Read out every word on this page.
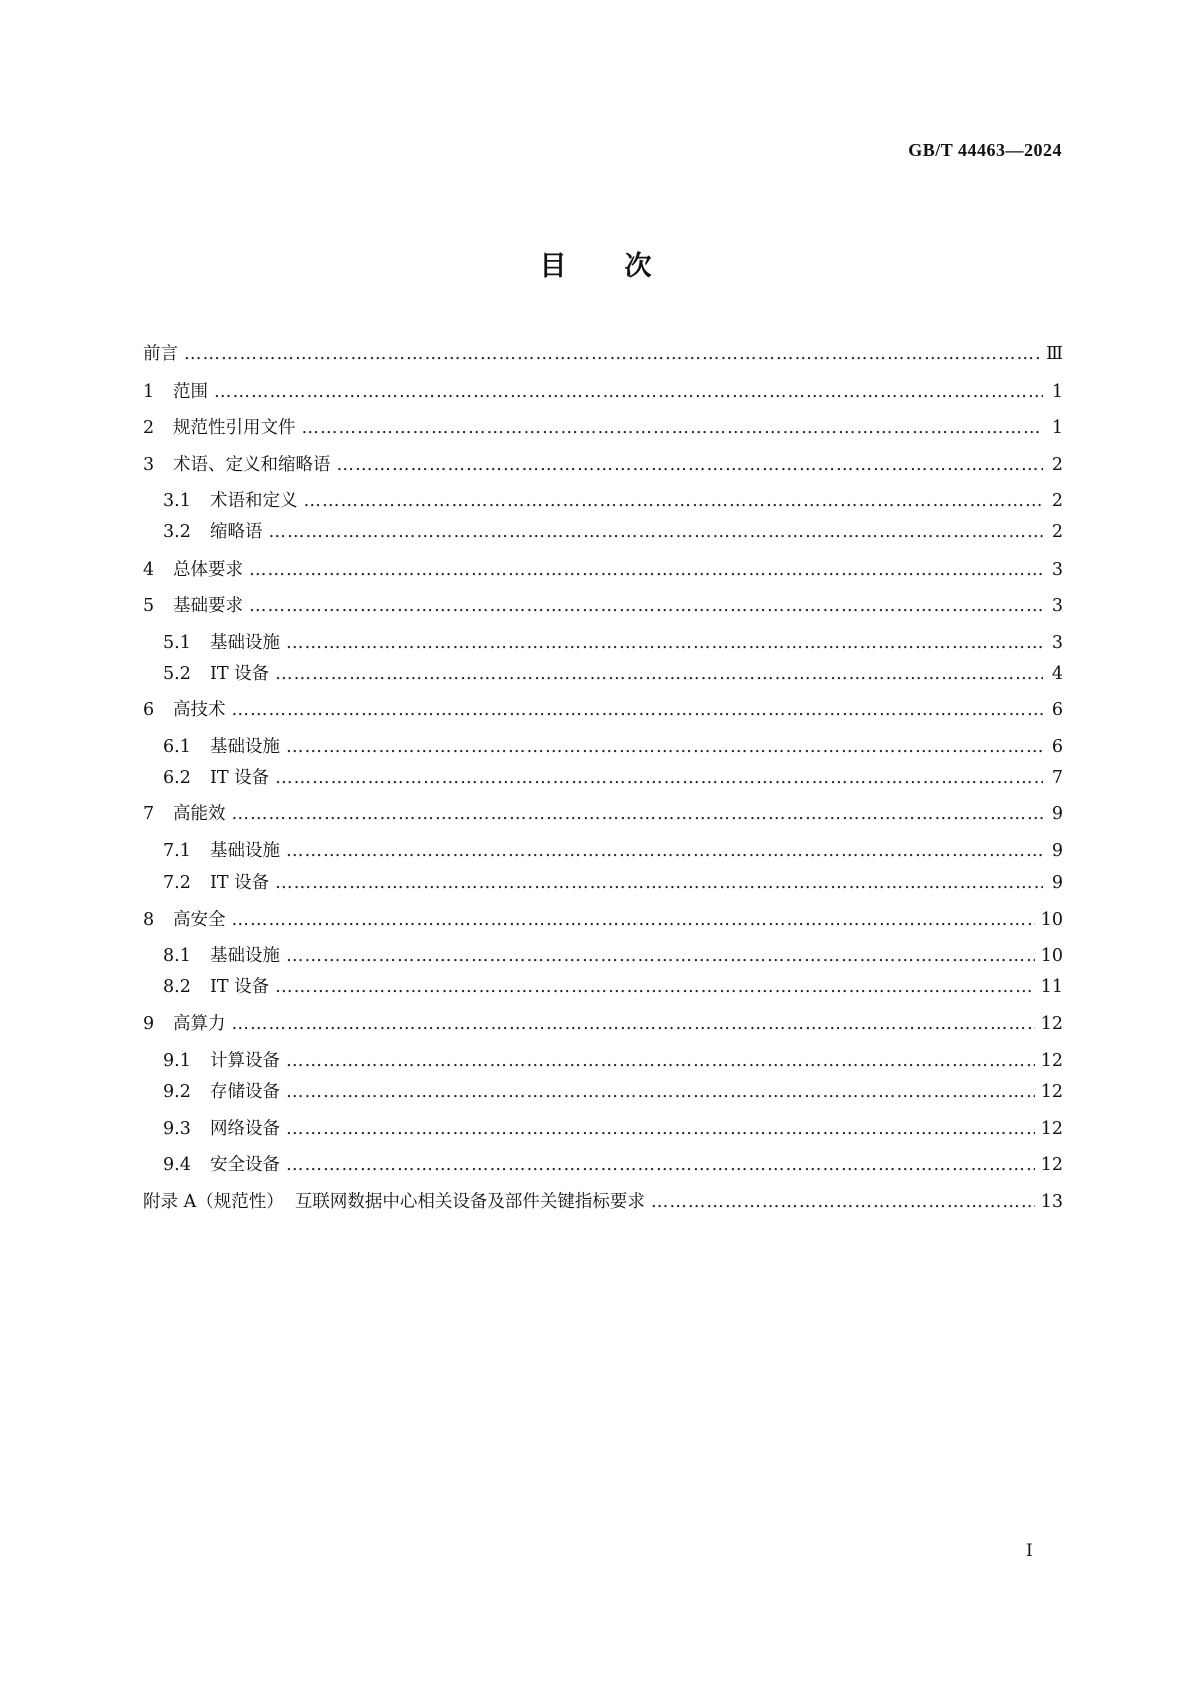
GB/T 44463—2024
目次
前言 ……………………………………………………………………………………………………………………………………………………………………………………………………	Ⅲ
1	范围 ……………………………………………………………………………………………………………………………………………………………………………………………………	1
2	规范性引用文件 ……………………………………………………………………………………………………………………………………………………………………………………………………	1
3	术语、定义和缩略语 ……………………………………………………………………………………………………………………………………………………………………………………………………	2
3.1	术语和定义 ……………………………………………………………………………………………………………………………………………………………………………………………………	2
3.2	缩略语 ……………………………………………………………………………………………………………………………………………………………………………………………………	2
4	总体要求 ……………………………………………………………………………………………………………………………………………………………………………………………………	3
5	基础要求 ……………………………………………………………………………………………………………………………………………………………………………………………………	3
5.1	基础设施 ……………………………………………………………………………………………………………………………………………………………………………………………………	3
5.2	IT 设备 ……………………………………………………………………………………………………………………………………………………………………………………………………	4
6	高技术 ……………………………………………………………………………………………………………………………………………………………………………………………………	6
6.1	基础设施 ……………………………………………………………………………………………………………………………………………………………………………………………………	6
6.2	IT 设备 ……………………………………………………………………………………………………………………………………………………………………………………………………	7
7	高能效 ……………………………………………………………………………………………………………………………………………………………………………………………………	9
7.1	基础设施 ……………………………………………………………………………………………………………………………………………………………………………………………………	9
7.2	IT 设备 ……………………………………………………………………………………………………………………………………………………………………………………………………	9
8	高安全 ……………………………………………………………………………………………………………………………………………………………………………………………………	10
8.1	基础设施 ……………………………………………………………………………………………………………………………………………………………………………………………………	10
8.2	IT 设备 ……………………………………………………………………………………………………………………………………………………………………………………………………	11
9	高算力 ……………………………………………………………………………………………………………………………………………………………………………………………………	12
9.1	计算设备 ……………………………………………………………………………………………………………………………………………………………………………………………………	12
9.2	存储设备 ……………………………………………………………………………………………………………………………………………………………………………………………………	12
9.3	网络设备 ……………………………………………………………………………………………………………………………………………………………………………………………………	12
9.4	安全设备 ……………………………………………………………………………………………………………………………………………………………………………………………………	12
附录 A（规范性）  互联网数据中心相关设备及部件关键指标要求 ……………………………………………………………………………………………………………………………………………………………………………………………………	13
I
